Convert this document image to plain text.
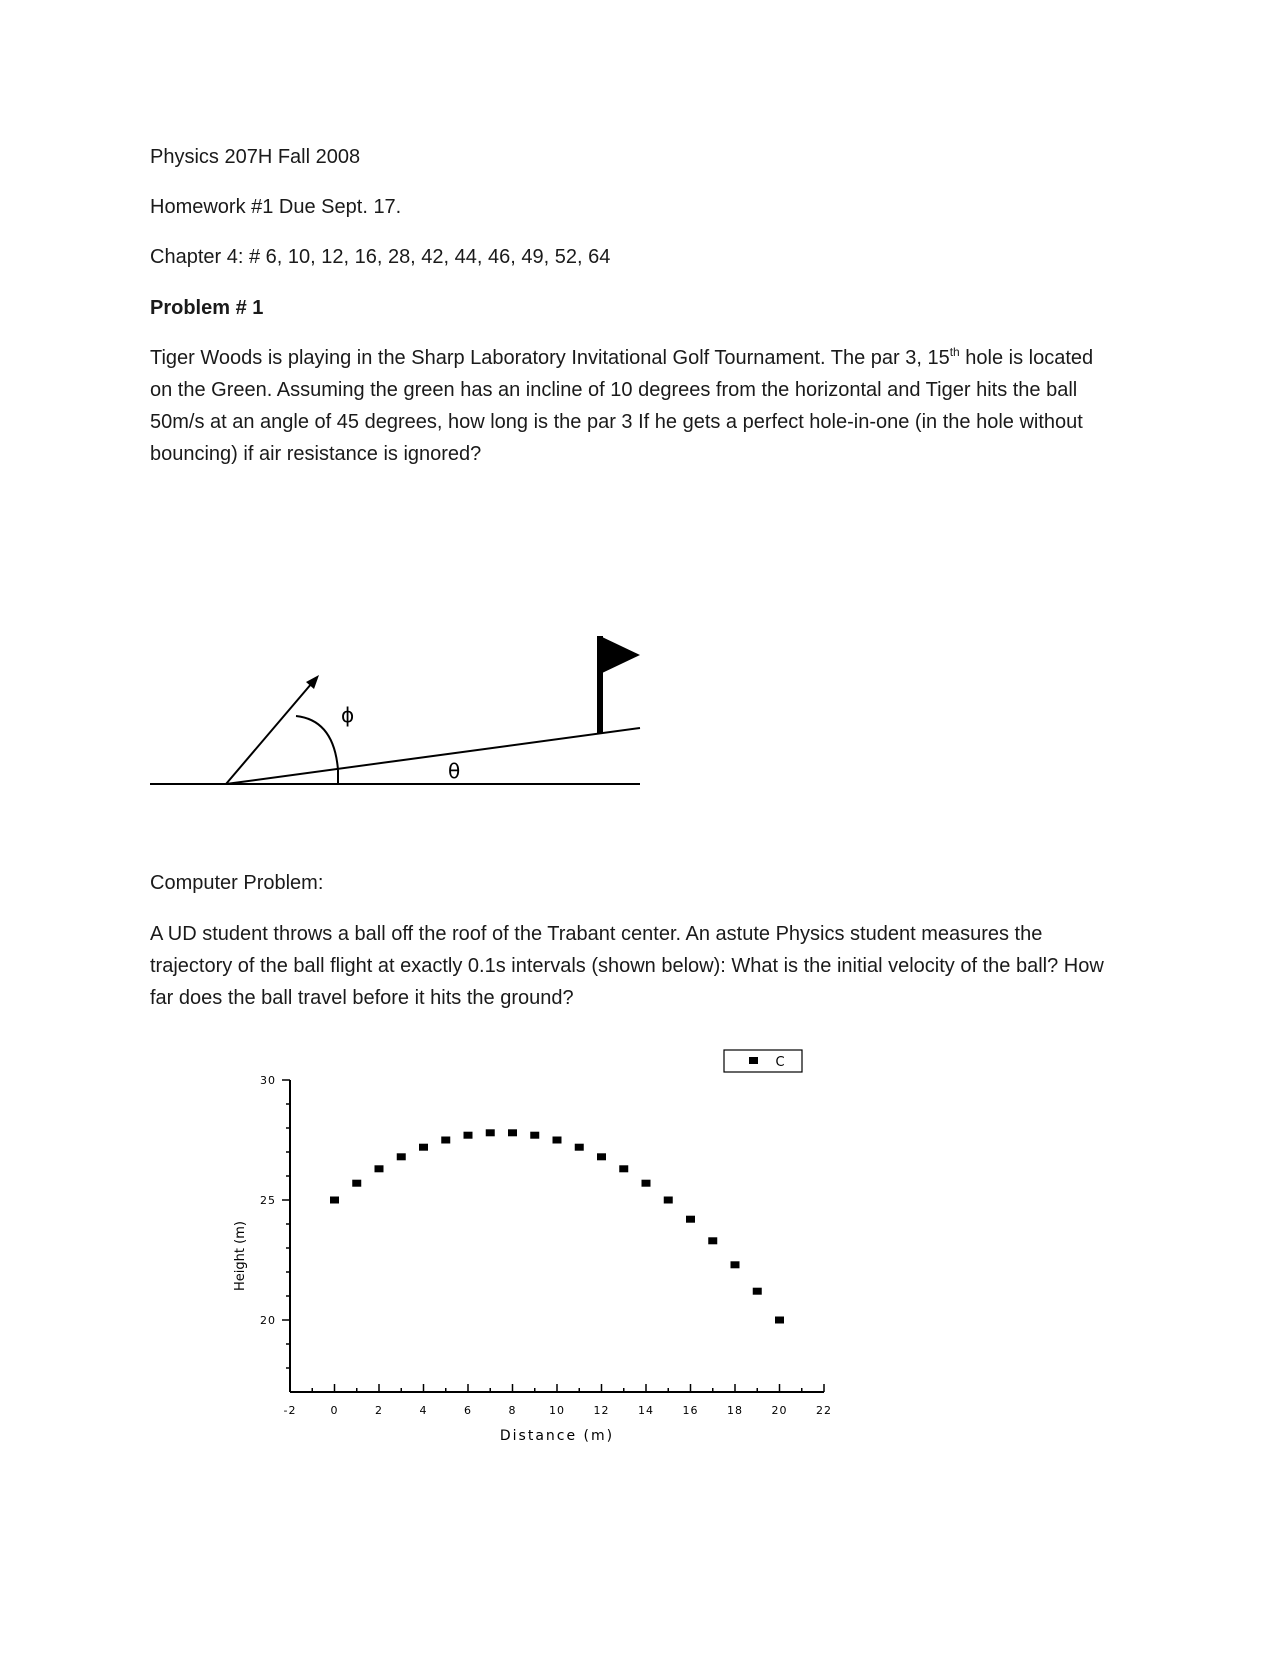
Physics 207H Fall 2008
Homework #1 Due Sept. 17.
Chapter 4: # 6, 10, 12, 16, 28, 42, 44, 46, 49, 52, 64
Problem # 1
Tiger Woods is playing in the Sharp Laboratory Invitational Golf Tournament. The par 3, 15th hole is located on the Green. Assuming the green has an incline of 10 degrees from the horizontal and Tiger hits the ball 50m/s at an angle of 45 degrees, how long is the par 3 If he gets a perfect hole-in-one (in the hole without bouncing) if air resistance is ignored?
ϕ
θ
Computer Problem:
A UD student throws a ball off the roof of the Trabant center. An astute Physics student measures the trajectory of the ball flight at exactly 0.1s intervals (shown below): What is the initial velocity of the ball? How far does the ball travel before it hits the ground?
-2	0	2	4	6	8	10	12	14	16	18	20	22
20
25
30
Distance (m)
Height (m)
C
